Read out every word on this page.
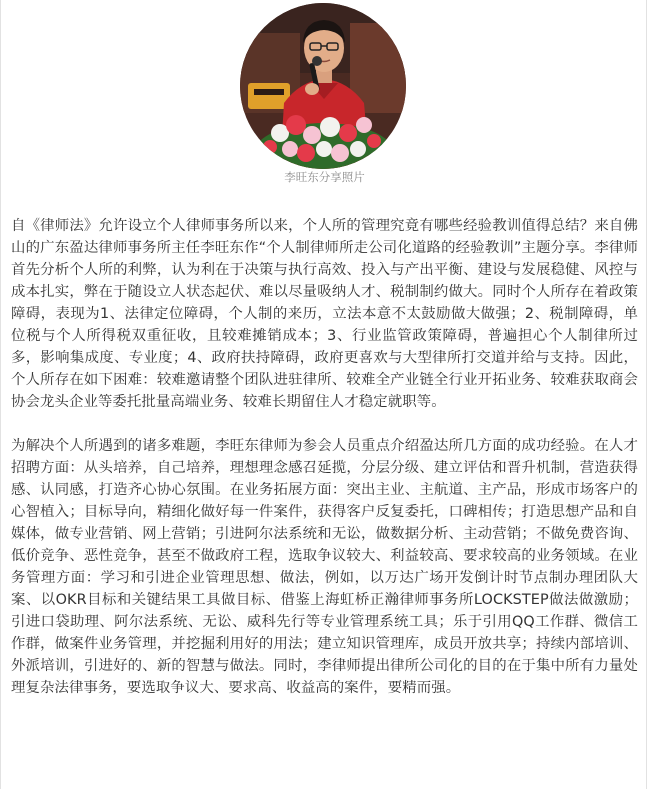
李旺东分享照片

自《律师法》允许设立个人律师事务所以来，个人所的管理究竟有哪些经验教训值得总结？来自佛山的广东盈达律师事务所主任李旺东作“个人制律师所走公司化道路的经验教训”主题分享。李律师首先分析个人所的利弊，认为利在于决策与执行高效、投入与产出平衡、建设与发展稳健、风控与成本扎实，弊在于随设立人状态起伏、难以尽量吸纳人才、税制制约做大。同时个人所存在着政策障碍，表现为1、法律定位障碍，个人制的来历，立法本意不太鼓励做大做强；2、税制障碍，单位税与个人所得税双重征收，且较难摊销成本；3、行业监管政策障碍，普遍担心个人制律所过多，影响集成度、专业度；4、政府扶持障碍，政府更喜欢与大型律所打交道并给与支持。因此，个人所存在如下困难：较难邀请整个团队进驻律所、较难全产业链全行业开拓业务、较难获取商会协会龙头企业等委托批量高端业务、较难长期留住人才稳定就职等。

为解决个人所遇到的诸多难题，李旺东律师为参会人员重点介绍盈达所几方面的成功经验。在人才招聘方面：从头培养，自己培养，理想理念感召延揽，分层分级、建立评估和晋升机制，营造获得感、认同感，打造齐心协心氛围。在业务拓展方面：突出主业、主航道、主产品，形成市场客户的心智植入；目标导向，精细化做好每一件案件，获得客户反复委托，口碑相传；打造思想产品和自媒体，做专业营销、网上营销；引进阿尔法系统和无讼，做数据分析、主动营销；不做免费咨询、低价竞争、恶性竞争，甚至不做政府工程，选取争议较大、利益较高、要求较高的业务领域。在业务管理方面：学习和引进企业管理思想、做法，例如，以万达广场开发倒计时节点制办理团队大案、以OKR目标和关键结果工具做目标、借鉴上海虹桥正瀚律师事务所LOCKSTEP做法做激励；引进口袋助理、阿尔法系统、无讼、威科先行等专业管理系统工具；乐于引用QQ工作群、微信工作群，做案件业务管理，并挖掘利用好的用法；建立知识管理库，成员开放共享；持续内部培训、外派培训，引进好的、新的智慧与做法。同时，李律师提出律所公司化的目的在于集中所有力量处理复杂法律事务，要选取争议大、要求高、收益高的案件，要精而强。
